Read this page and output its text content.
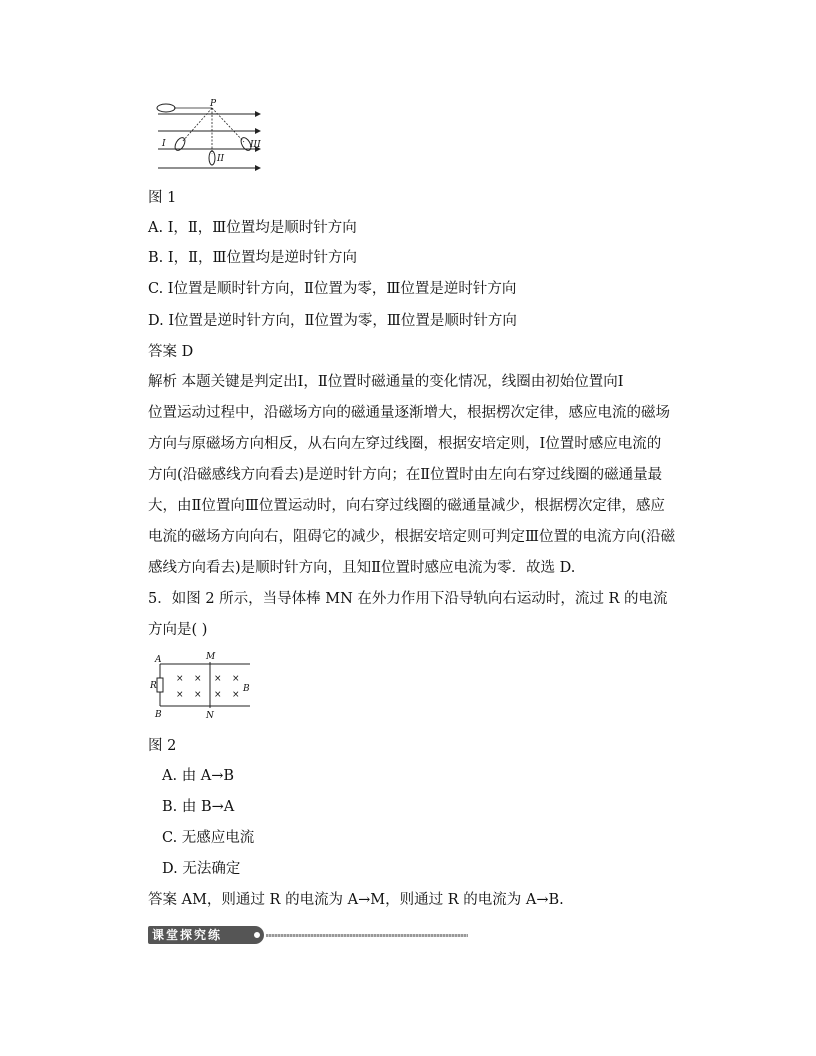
P
I
II
III
图 1
A. Ⅰ，Ⅱ，Ⅲ位置均是顺时针方向
B. Ⅰ，Ⅱ，Ⅲ位置均是逆时针方向
C. Ⅰ位置是顺时针方向，Ⅱ位置为零，Ⅲ位置是逆时针方向
D. Ⅰ位置是逆时针方向，Ⅱ位置为零，Ⅲ位置是顺时针方向
答案 D
解析 本题关键是判定出Ⅰ，Ⅱ位置时磁通量的变化情况，线圈由初始位置向Ⅰ
位置运动过程中，沿磁场方向的磁通量逐渐增大，根据楞次定律，感应电流的磁场
方向与原磁场方向相反，从右向左穿过线圈，根据安培定则，Ⅰ位置时感应电流的
方向(沿磁感线方向看去)是逆时针方向；在Ⅱ位置时由左向右穿过线圈的磁通量最
大，由Ⅱ位置向Ⅲ位置运动时，向右穿过线圈的磁通量减少，根据楞次定律，感应
电流的磁场方向向右，阻碍它的减少，根据安培定则可判定Ⅲ位置的电流方向(沿磁
感线方向看去)是顺时针方向，且知Ⅱ位置时感应电流为零．故选 D.
5．如图 2 所示，当导体棒 MN 在外力作用下沿导轨向右运动时，流过 R 的电流
方向是( )
A
B
R
M
N
B
× × × ×
× × × ×
图 2
A. 由 A→B
B. 由 B→A
C. 无感应电流
D. 无法确定
答案 AM，则通过 R 的电流为 A→M，则通过 R 的电流为 A→B.
课堂探究练
